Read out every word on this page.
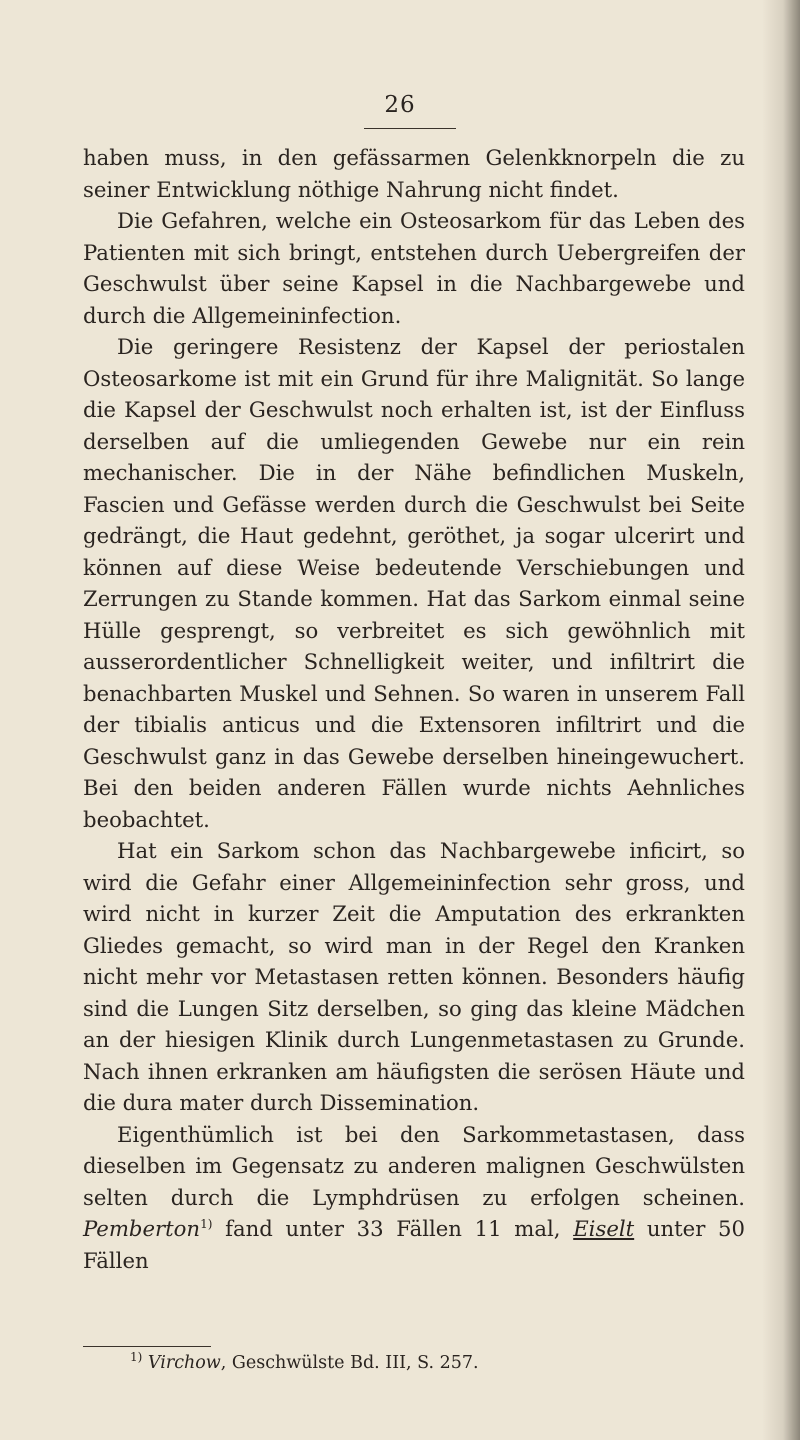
26

haben muss, in den gefässarmen Gelenkknorpeln die zu seiner Entwicklung nöthige Nahrung nicht findet.

Die Gefahren, welche ein Osteosarkom für das Leben des Patienten mit sich bringt, entstehen durch Uebergreifen der Geschwulst über seine Kapsel in die Nachbargewebe und durch die Allgemeininfection.

Die geringere Resistenz der Kapsel der periostalen Osteosarkome ist mit ein Grund für ihre Malignität. So lange die Kapsel der Geschwulst noch erhalten ist, ist der Einfluss derselben auf die umliegenden Gewebe nur ein rein mechanischer. Die in der Nähe befindlichen Muskeln, Fascien und Gefässe werden durch die Geschwulst bei Seite gedrängt, die Haut gedehnt, geröthet, ja sogar ulcerirt und können auf diese Weise bedeutende Verschiebungen und Zerrungen zu Stande kommen. Hat das Sarkom einmal seine Hülle gesprengt, so verbreitet es sich gewöhnlich mit ausserordentlicher Schnelligkeit weiter, und infiltrirt die benachbarten Muskel und Sehnen. So waren in unserem Fall der tibialis anticus und die Extensoren infiltrirt und die Geschwulst ganz in das Gewebe derselben hineingewuchert. Bei den beiden anderen Fällen wurde nichts Aehnliches beobachtet.

Hat ein Sarkom schon das Nachbargewebe inficirt, so wird die Gefahr einer Allgemeininfection sehr gross, und wird nicht in kurzer Zeit die Amputation des erkrankten Gliedes gemacht, so wird man in der Regel den Kranken nicht mehr vor Metastasen retten können. Besonders häufig sind die Lungen Sitz derselben, so ging das kleine Mädchen an der hiesigen Klinik durch Lungenmetastasen zu Grunde. Nach ihnen erkranken am häufigsten die serösen Häute und die dura mater durch Dissemination.

Eigenthümlich ist bei den Sarkommetastasen, dass dieselben im Gegensatz zu anderen malignen Geschwülsten selten durch die Lymphdrüsen zu erfolgen scheinen. Pemberton$^{1)}$ fand unter 33 Fällen 11 mal, Eiselt unter 50 Fällen

$^{1)}$ Virchow, Geschwülste Bd. III, S. 257.
